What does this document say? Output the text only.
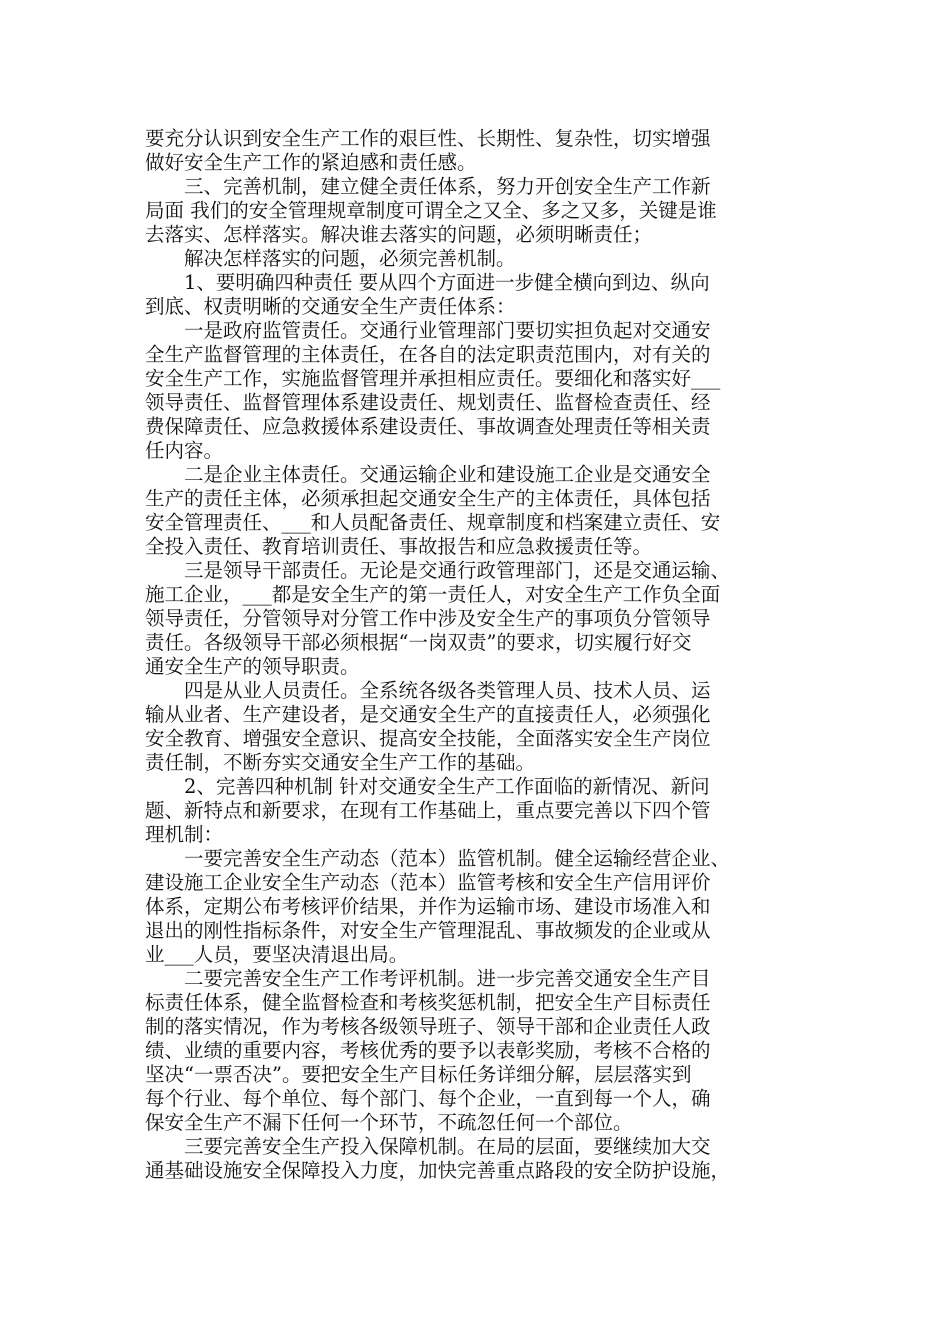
要充分认识到安全生产工作的艰巨性、长期性、复杂性，切实增强
做好安全生产工作的紧迫感和责任感。
　　三、完善机制，建立健全责任体系，努力开创安全生产工作新
局面 我们的安全管理规章制度可谓全之又全、多之又多，关键是谁
去落实、怎样落实。解决谁去落实的问题，必须明晰责任；
　　解决怎样落实的问题，必须完善机制。
　　1、要明确四种责任 要从四个方面进一步健全横向到边、纵向
到底、权责明晰的交通安全生产责任体系：
　　一是政府监管责任。交通行业管理部门要切实担负起对交通安
全生产监督管理的主体责任，在各自的法定职责范围内，对有关的
安全生产工作，实施监督管理并承担相应责任。要细化和落实好___
领导责任、监督管理体系建设责任、规划责任、监督检查责任、经
费保障责任、应急救援体系建设责任、事故调查处理责任等相关责
任内容。
　　二是企业主体责任。交通运输企业和建设施工企业是交通安全
生产的责任主体，必须承担起交通安全生产的主体责任，具体包括
安全管理责任、___和人员配备责任、规章制度和档案建立责任、安
全投入责任、教育培训责任、事故报告和应急救援责任等。
　　三是领导干部责任。无论是交通行政管理部门，还是交通运输、
施工企业，___都是安全生产的第一责任人，对安全生产工作负全面
领导责任，分管领导对分管工作中涉及安全生产的事项负分管领导
责任。各级领导干部必须根据“一岗双责”的要求，切实履行好交
通安全生产的领导职责。
　　四是从业人员责任。全系统各级各类管理人员、技术人员、运
输从业者、生产建设者，是交通安全生产的直接责任人，必须强化
安全教育、增强安全意识、提高安全技能，全面落实安全生产岗位
责任制，不断夯实交通安全生产工作的基础。
　　2、完善四种机制 针对交通安全生产工作面临的新情况、新问
题、新特点和新要求，在现有工作基础上，重点要完善以下四个管
理机制：
　　一要完善安全生产动态（范本）监管机制。健全运输经营企业、
建设施工企业安全生产动态（范本）监管考核和安全生产信用评价
体系，定期公布考核评价结果，并作为运输市场、建设市场准入和
退出的刚性指标条件，对安全生产管理混乱、事故频发的企业或从
业___人员，要坚决清退出局。
　　二要完善安全生产工作考评机制。进一步完善交通安全生产目
标责任体系，健全监督检查和考核奖惩机制，把安全生产目标责任
制的落实情况，作为考核各级领导班子、领导干部和企业责任人政
绩、业绩的重要内容，考核优秀的要予以表彰奖励，考核不合格的
坚决“一票否决”。要把安全生产目标任务详细分解，层层落实到
每个行业、每个单位、每个部门、每个企业，一直到每一个人，确
保安全生产不漏下任何一个环节，不疏忽任何一个部位。
　　三要完善安全生产投入保障机制。在局的层面，要继续加大交
通基础设施安全保障投入力度，加快完善重点路段的安全防护设施，
